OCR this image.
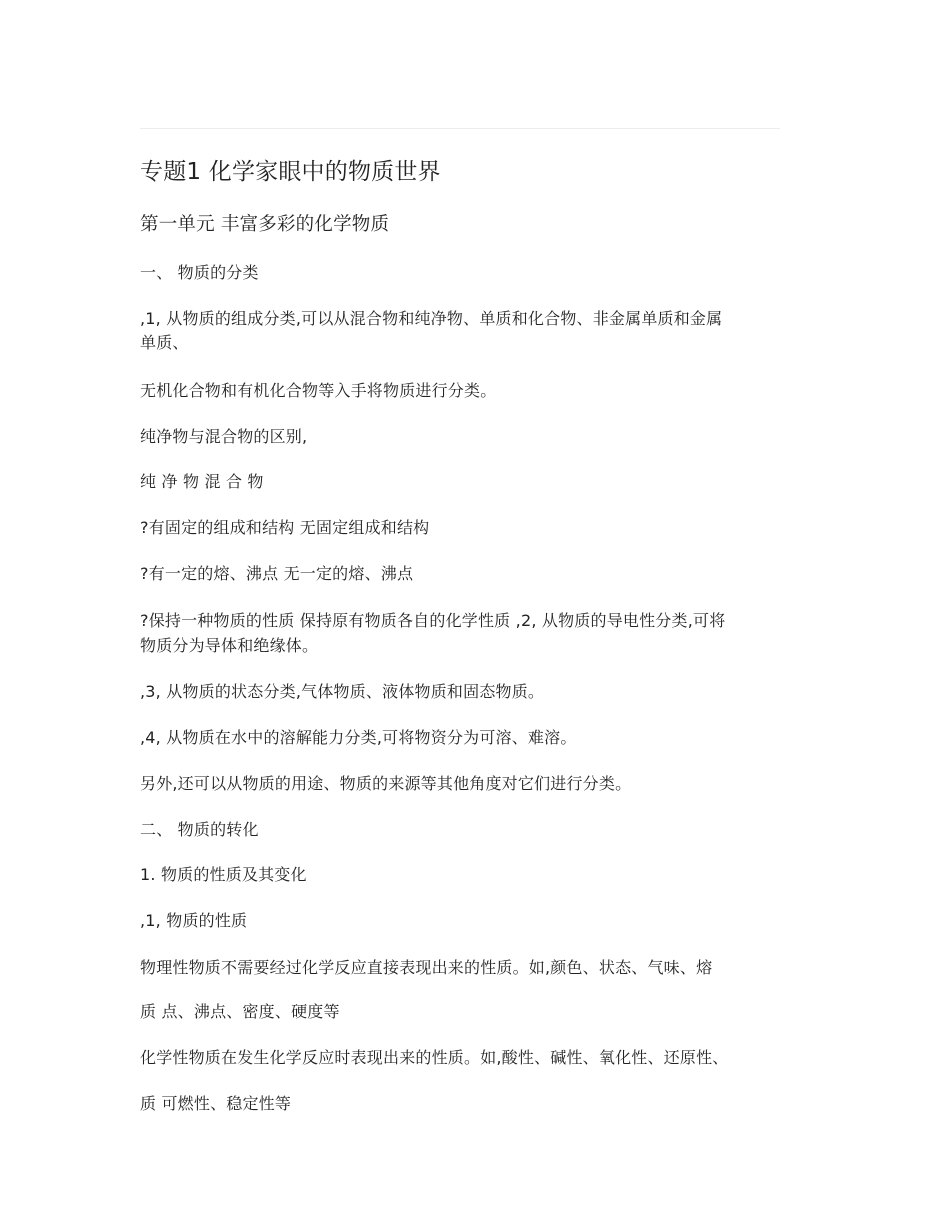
专题1 化学家眼中的物质世界
第一单元 丰富多彩的化学物质
一、 物质的分类
,1, 从物质的组成分类,可以从混合物和纯净物、单质和化合物、非金属单质和金属
单质、
无机化合物和有机化合物等入手将物质进行分类。
纯净物与混合物的区别,
纯 净 物 混 合 物
?有固定的组成和结构 无固定组成和结构
?有一定的熔、沸点 无一定的熔、沸点
?保持一种物质的性质 保持原有物质各自的化学性质 ,2, 从物质的导电性分类,可将
物质分为导体和绝缘体。
,3, 从物质的状态分类,气体物质、液体物质和固态物质。
,4, 从物质在水中的溶解能力分类,可将物资分为可溶、难溶。
另外,还可以从物质的用途、物质的来源等其他角度对它们进行分类。
二、 物质的转化
1. 物质的性质及其变化
,1, 物质的性质
物理性物质不需要经过化学反应直接表现出来的性质。如,颜色、状态、气味、熔
质 点、沸点、密度、硬度等
化学性物质在发生化学反应时表现出来的性质。如,酸性、碱性、氧化性、还原性、
质 可燃性、稳定性等
